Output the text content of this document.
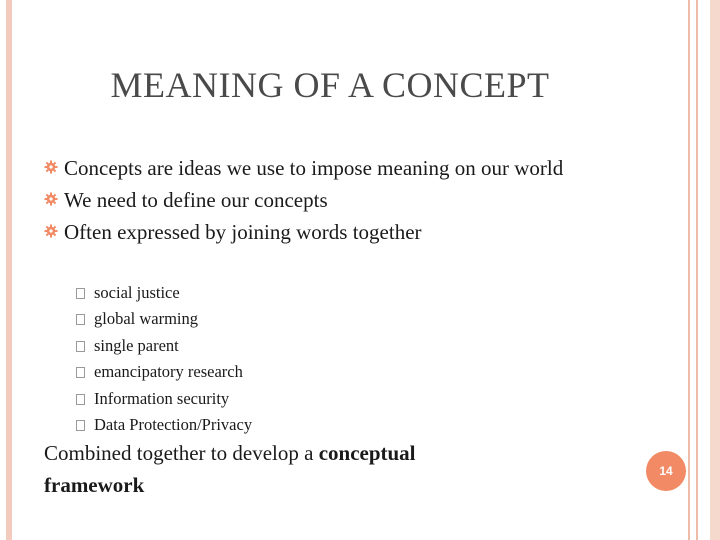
MEANING OF A CONCEPT
Concepts are ideas we use to impose meaning on our world
We need to define our concepts
Often expressed by joining words together
social justice
global warming
single parent
emancipatory research
Information security
Data Protection/Privacy
Combined together to develop a conceptual
framework
14
